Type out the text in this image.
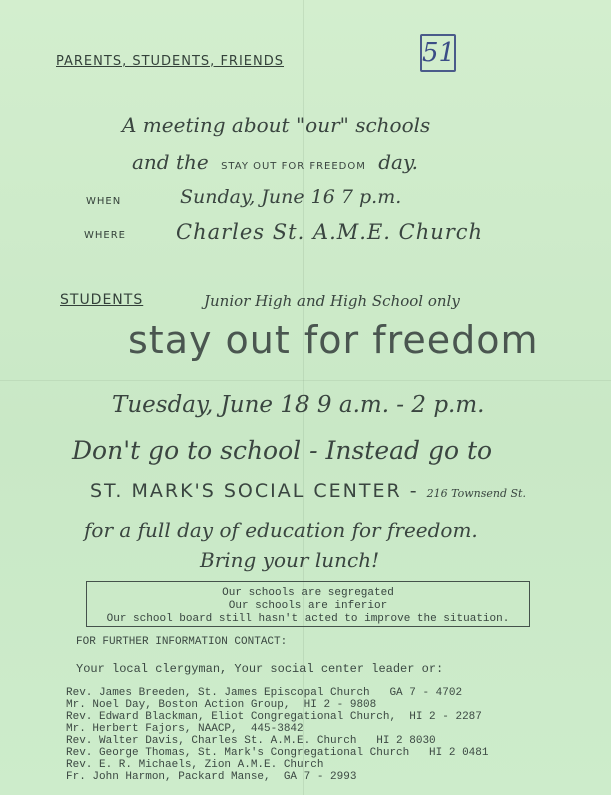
PARENTS, STUDENTS, FRIENDS	51
A meeting about "our" schools
and the STAY OUT FOR FREEDOM day.
WHEN	Sunday, June 16 7 p.m.
WHERE Charles St. A.M.E. Church
STUDENTS	Junior High and High School only
stay out for freedom
Tuesday, June 18 9 a.m. - 2 p.m.
Don't go to school - Instead go to
ST. MARK'S SOCIAL CENTER - 216 Townsend St.
for a full day of education for freedom.
Bring your lunch!
Our schools are segregated
Our schools are inferior
Our school board still hasn't acted to improve the situation.
FOR FURTHER INFORMATION CONTACT:
Your local clergyman, Your social center leader or:
Rev. James Breeden, St. James Episcopal Church   GA 7 - 4702
Mr. Noel Day, Boston Action Group,  HI 2 - 9808
Rev. Edward Blackman, Eliot Congregational Church,  HI 2 - 2287
Mr. Herbert Fajors, NAACP,  445-3842
Rev. Walter Davis, Charles St. A.M.E. Church   HI 2 8030
Rev. George Thomas, St. Mark's Congregational Church   HI 2 0481
Rev. E. R. Michaels, Zion A.M.E. Church
Fr. John Harmon, Packard Manse,  GA 7 - 2993
